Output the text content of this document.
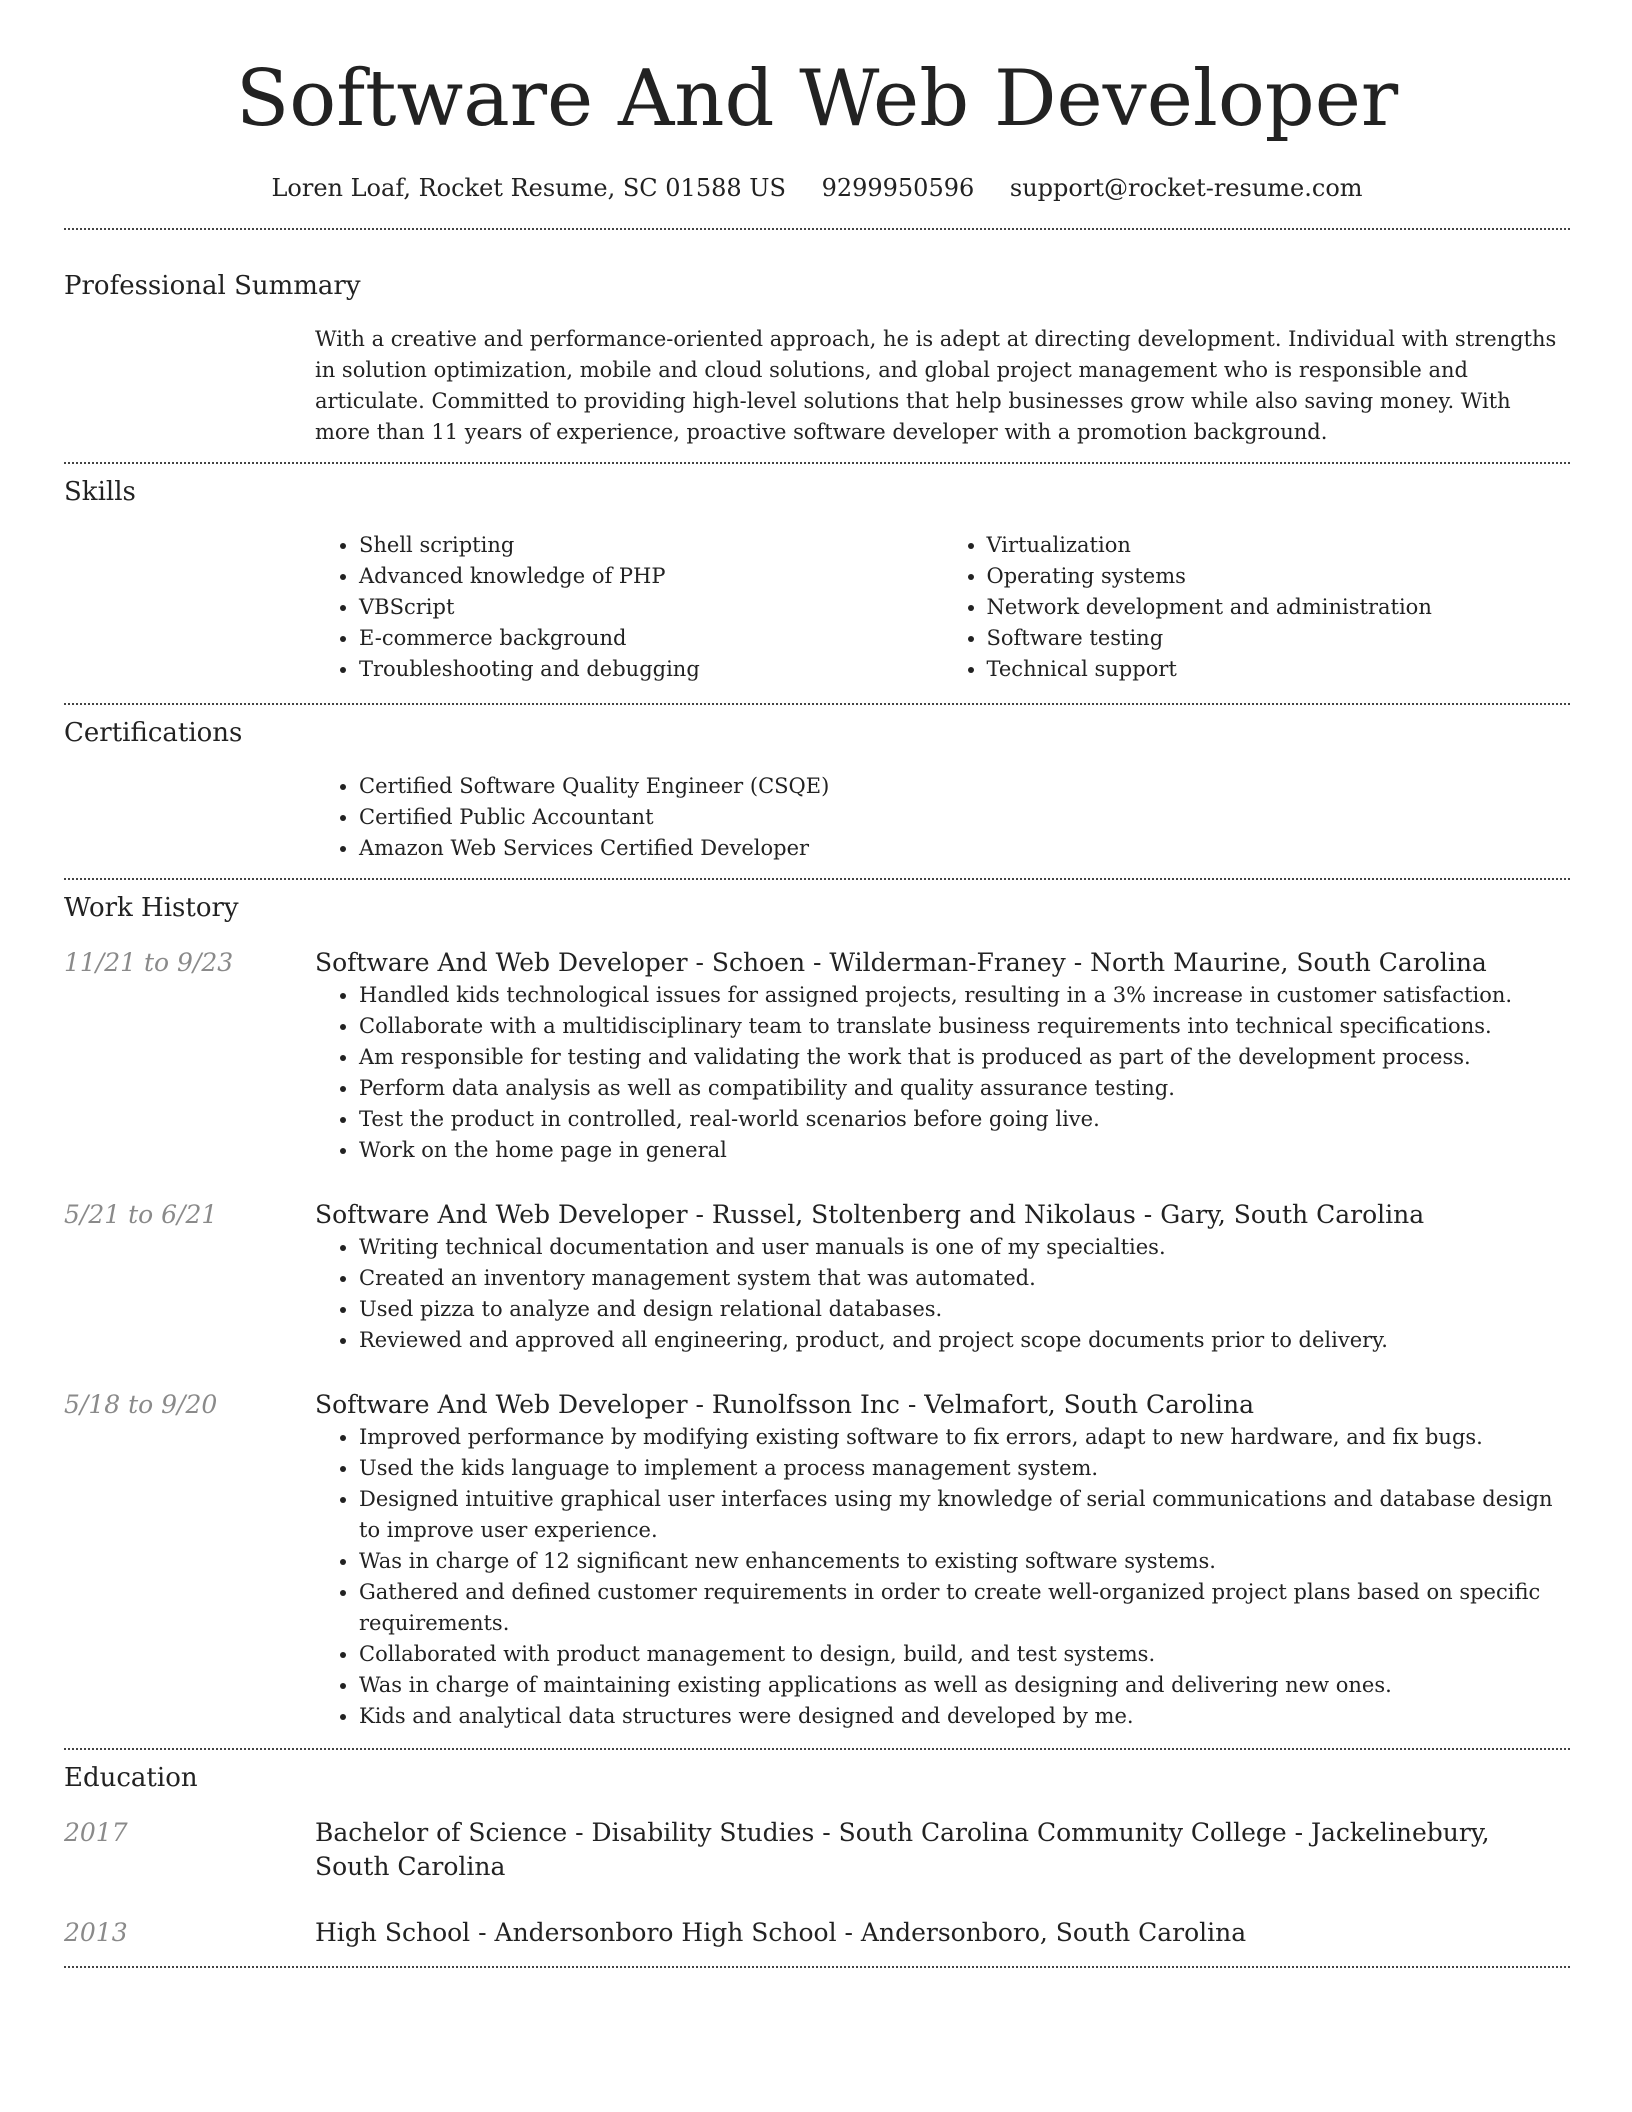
Software And Web Developer
Loren Loaf, Rocket Resume, SC 01588 US 9299950596 support@rocket-resume.com
Professional Summary
With a creative and performance-oriented approach, he is adept at directing development. Individual with strengths in solution optimization, mobile and cloud solutions, and global project management who is responsible and articulate. Committed to providing high-level solutions that help businesses grow while also saving money. With more than 11 years of experience, proactive software developer with a promotion background.
Skills
• Shell scripting
• Advanced knowledge of PHP
• VBScript
• E-commerce background
• Troubleshooting and debugging
• Virtualization
• Operating systems
• Network development and administration
• Software testing
• Technical support
Certifications
• Certified Software Quality Engineer (CSQE)
• Certified Public Accountant
• Amazon Web Services Certified Developer
Work History
11/21 to 9/23	Software And Web Developer - Schoen - Wilderman-Franey - North Maurine, South Carolina
• Handled kids technological issues for assigned projects, resulting in a 3% increase in customer satisfaction.
• Collaborate with a multidisciplinary team to translate business requirements into technical specifications.
• Am responsible for testing and validating the work that is produced as part of the development process.
• Perform data analysis as well as compatibility and quality assurance testing.
• Test the product in controlled, real-world scenarios before going live.
• Work on the home page in general
5/21 to 6/21	Software And Web Developer - Russel, Stoltenberg and Nikolaus - Gary, South Carolina
• Writing technical documentation and user manuals is one of my specialties.
• Created an inventory management system that was automated.
• Used pizza to analyze and design relational databases.
• Reviewed and approved all engineering, product, and project scope documents prior to delivery.
5/18 to 9/20	Software And Web Developer - Runolfsson Inc - Velmafort, South Carolina
• Improved performance by modifying existing software to fix errors, adapt to new hardware, and fix bugs.
• Used the kids language to implement a process management system.
• Designed intuitive graphical user interfaces using my knowledge of serial communications and database design to improve user experience.
• Was in charge of 12 significant new enhancements to existing software systems.
• Gathered and defined customer requirements in order to create well-organized project plans based on specific requirements.
• Collaborated with product management to design, build, and test systems.
• Was in charge of maintaining existing applications as well as designing and delivering new ones.
• Kids and analytical data structures were designed and developed by me.
Education
2017	Bachelor of Science - Disability Studies - South Carolina Community College - Jackelinebury, South Carolina
2013	High School - Andersonboro High School - Andersonboro, South Carolina
